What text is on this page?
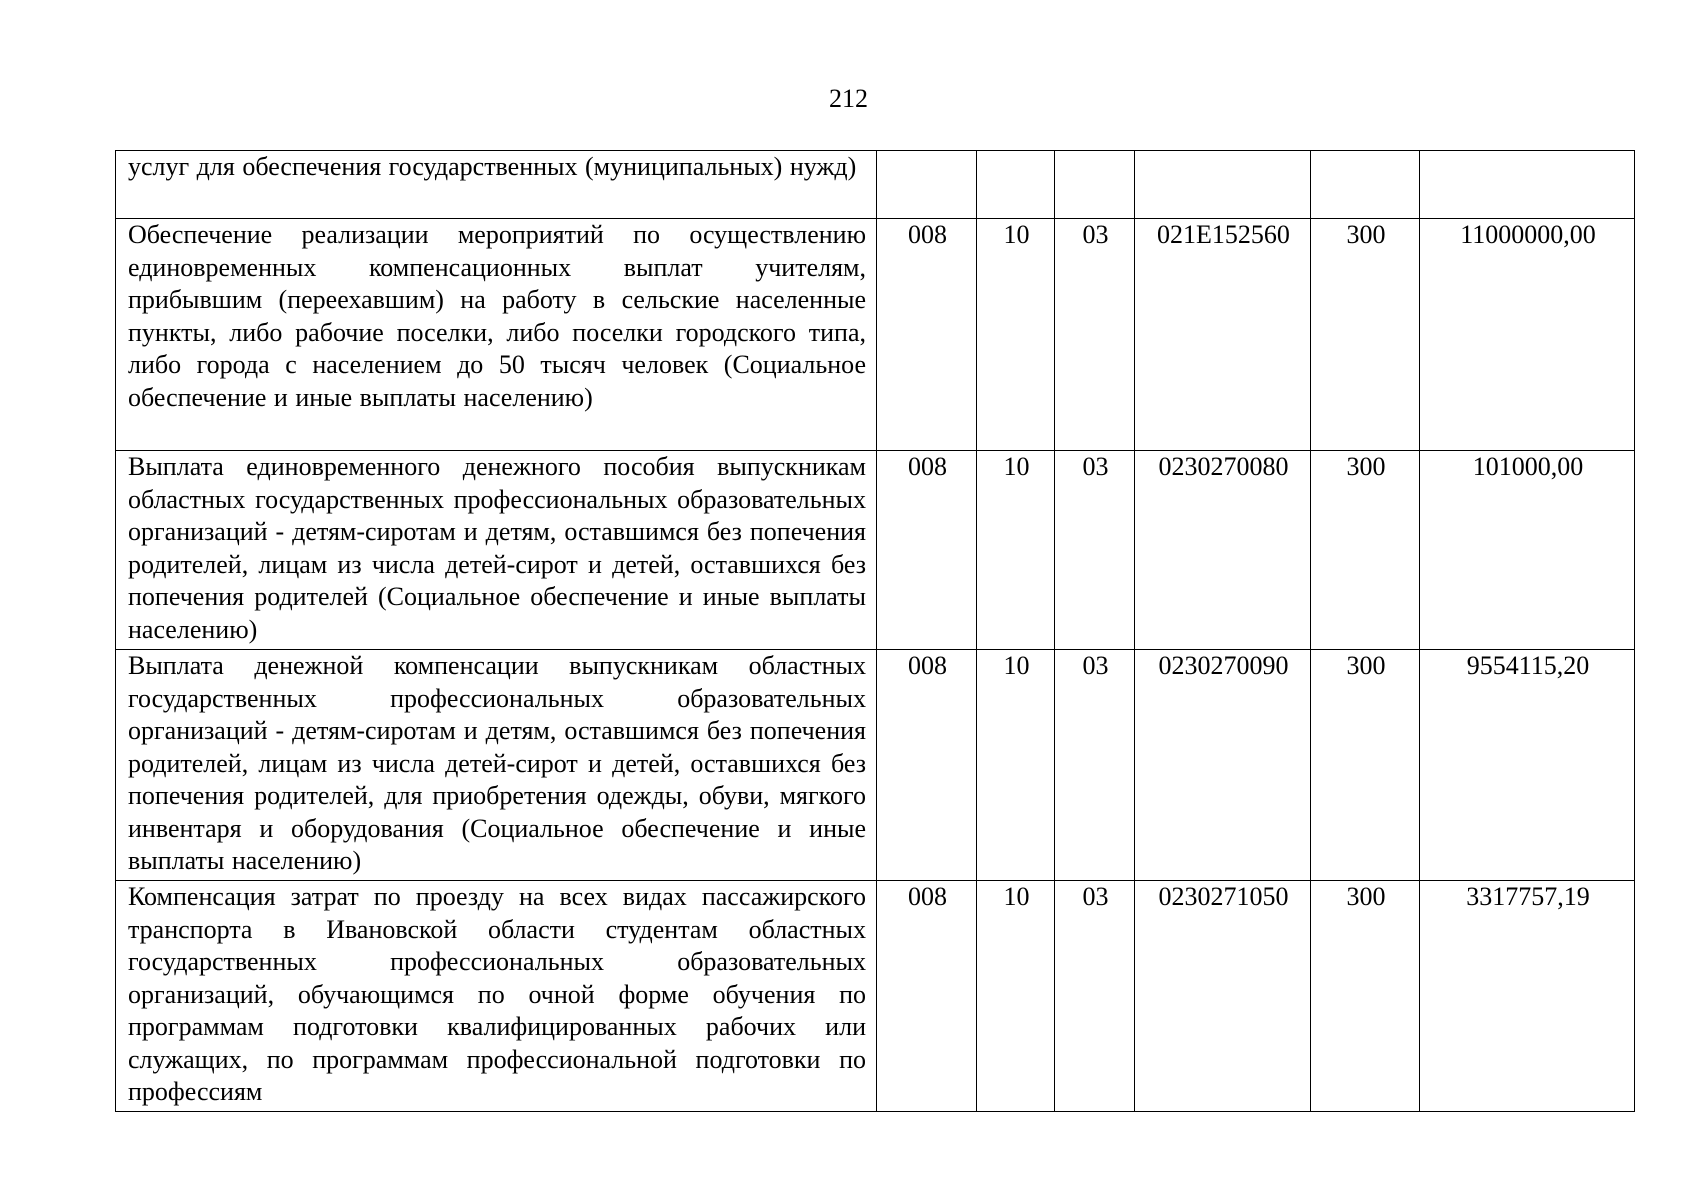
212
услуг для обеспечения государственных (муниципальных) нужд)						
Обеспечение реализации мероприятий по осуществлению единовременных компенсационных выплат учителям, прибывшим (переехавшим) на работу в сельские населенные пункты, либо рабочие поселки, либо поселки городского типа, либо города с населением до 50 тысяч человек (Социальное обеспечение и иные выплаты населению)	008	10	03	021E152560	300	11000000,00
Выплата единовременного денежного пособия выпускникам областных государственных профессиональных образовательных организаций - детям-сиротам и детям, оставшимся без попечения родителей, лицам из числа детей-сирот и детей, оставшихся без попечения родителей (Социальное обеспечение и иные выплаты населению)	008	10	03	0230270080	300	101000,00
Выплата денежной компенсации выпускникам областных государственных профессиональных образовательных организаций - детям-сиротам и детям, оставшимся без попечения родителей, лицам из числа детей-сирот и детей, оставшихся без попечения родителей, для приобретения одежды, обуви, мягкого инвентаря и оборудования (Социальное обеспечение и иные выплаты населению)	008	10	03	0230270090	300	9554115,20
Компенсация затрат по проезду на всех видах пассажирского транспорта в Ивановской области студентам областных государственных профессиональных образовательных организаций, обучающимся по очной форме обучения по программам подготовки квалифицированных рабочих или служащих, по программам профессиональной подготовки по профессиям	008	10	03	0230271050	300	3317757,19
